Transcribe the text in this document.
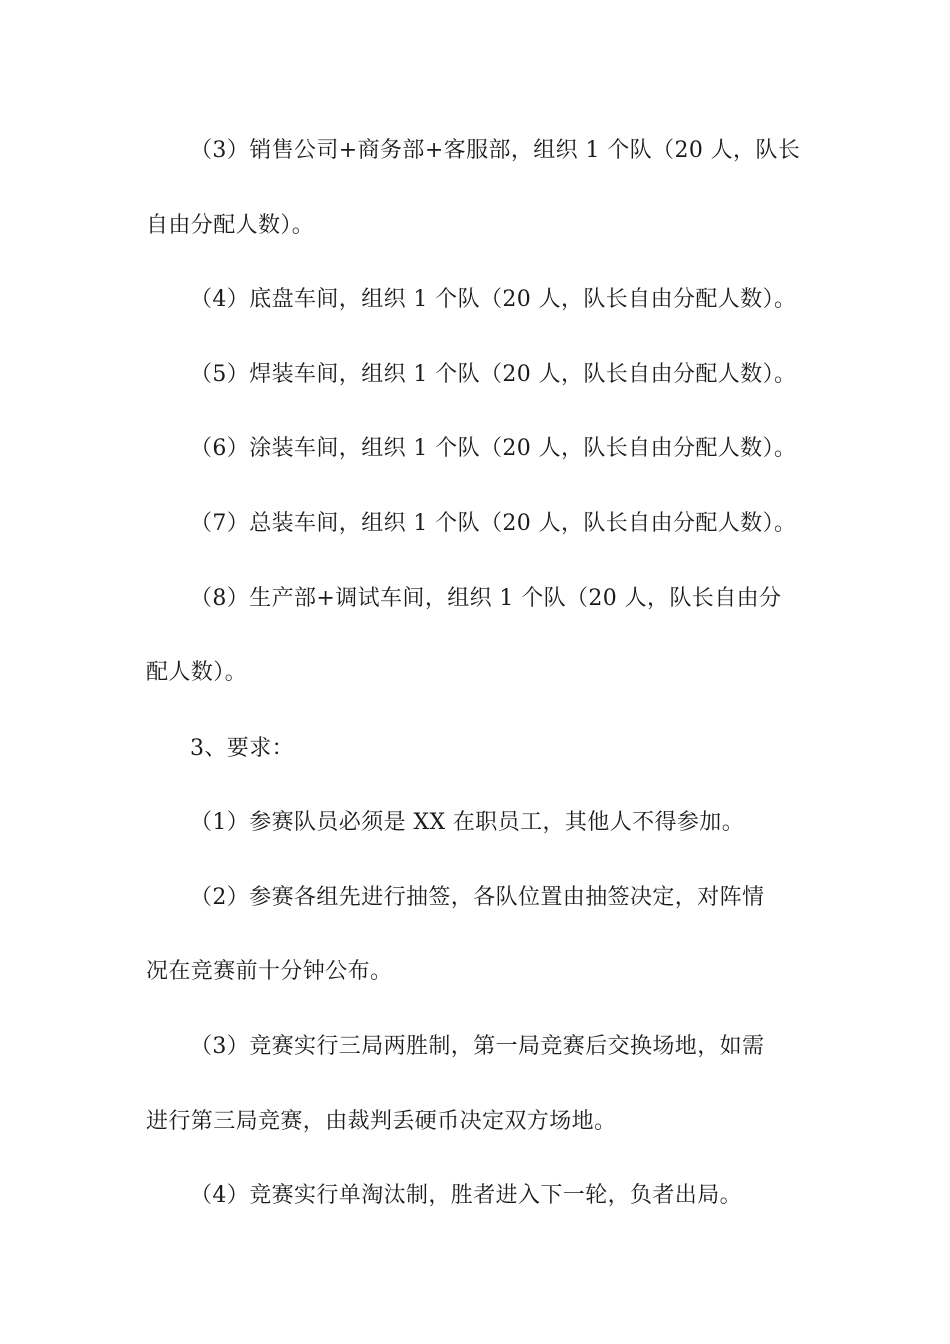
（3）销售公司+商务部+客服部，组织 1 个队（20 人，队长
自由分配人数）。
（4）底盘车间，组织 1 个队（20 人，队长自由分配人数）。
（5）焊装车间，组织 1 个队（20 人，队长自由分配人数）。
（6）涂装车间，组织 1 个队（20 人，队长自由分配人数）。
（7）总装车间，组织 1 个队（20 人，队长自由分配人数）。
（8）生产部+调试车间，组织 1 个队（20 人，队长自由分
配人数）。
3、要求：
（1）参赛队员必须是 XX 在职员工，其他人不得参加。
（2）参赛各组先进行抽签，各队位置由抽签决定，对阵情
况在竞赛前十分钟公布。
（3）竞赛实行三局两胜制，第一局竞赛后交换场地，如需
进行第三局竞赛，由裁判丢硬币决定双方场地。
（4）竞赛实行单淘汰制，胜者进入下一轮，负者出局。
